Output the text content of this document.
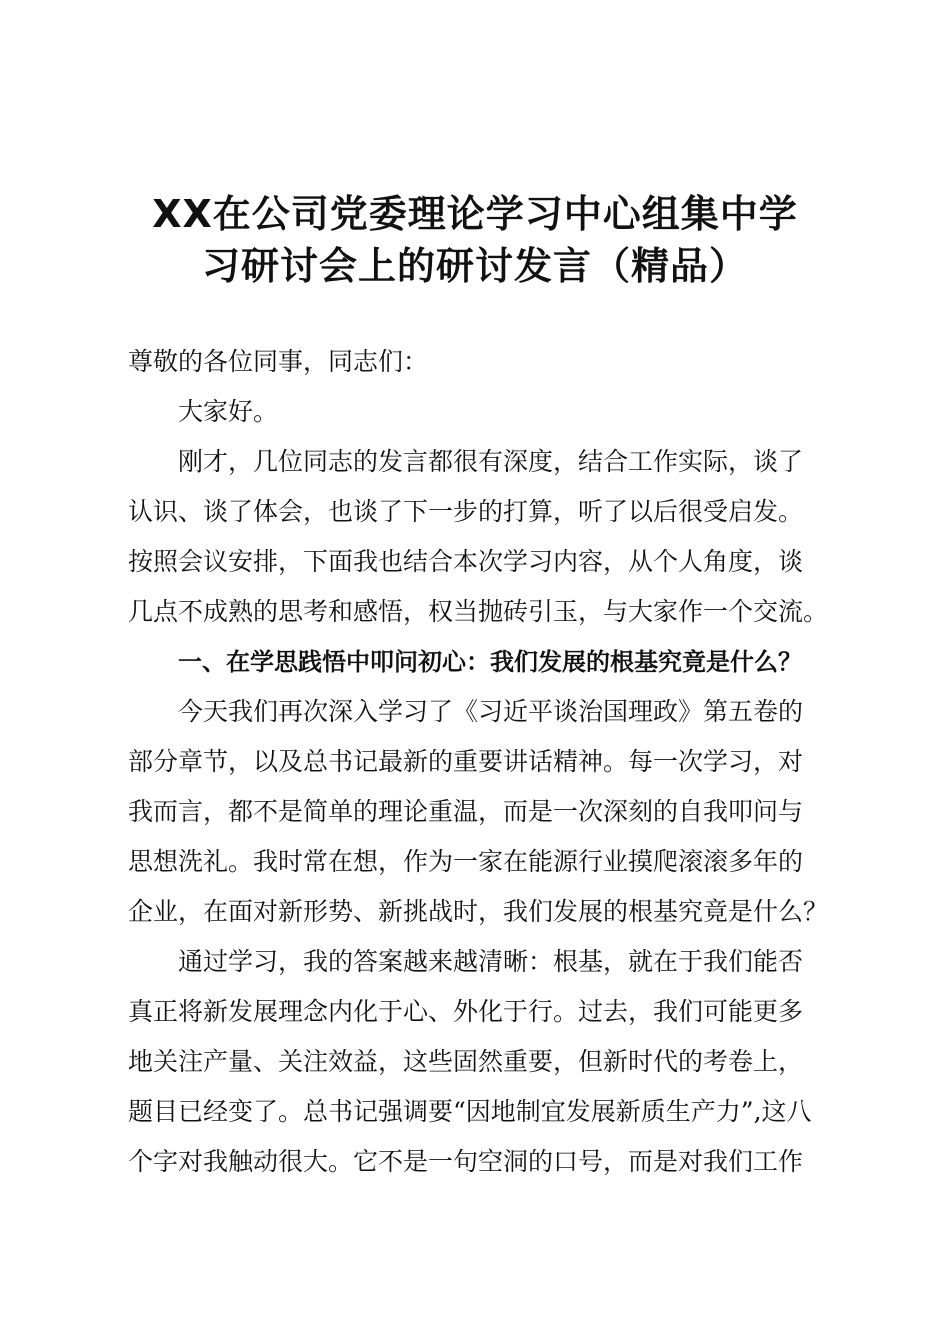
XX在公司党委理论学习中心组集中学
习研讨会上的研讨发言（精品）

尊敬的各位同事，同志们：

大家好。

刚才，几位同志的发言都很有深度，结合工作实际，谈了
认识、谈了体会，也谈了下一步的打算，听了以后很受启发。
按照会议安排，下面我也结合本次学习内容，从个人角度，谈
几点不成熟的思考和感悟，权当抛砖引玉，与大家作一个交流。

一、在学思践悟中叩问初心：我们发展的根基究竟是什么？

今天我们再次深入学习了《习近平谈治国理政》第五卷的
部分章节，以及总书记最新的重要讲话精神。每一次学习，对
我而言，都不是简单的理论重温，而是一次深刻的自我叩问与
思想洗礼。我时常在想，作为一家在能源行业摸爬滚滚多年的
企业，在面对新形势、新挑战时，我们发展的根基究竟是什么？
通过学习，我的答案越来越清晰：根基，就在于我们能否
真正将新发展理念内化于心、外化于行。过去，我们可能更多
地关注产量、关注效益，这些固然重要，但新时代的考卷上，
题目已经变了。总书记强调要“因地制宜发展新质生产力”,这八
个字对我触动很大。它不是一句空洞的口号，而是对我们工作
